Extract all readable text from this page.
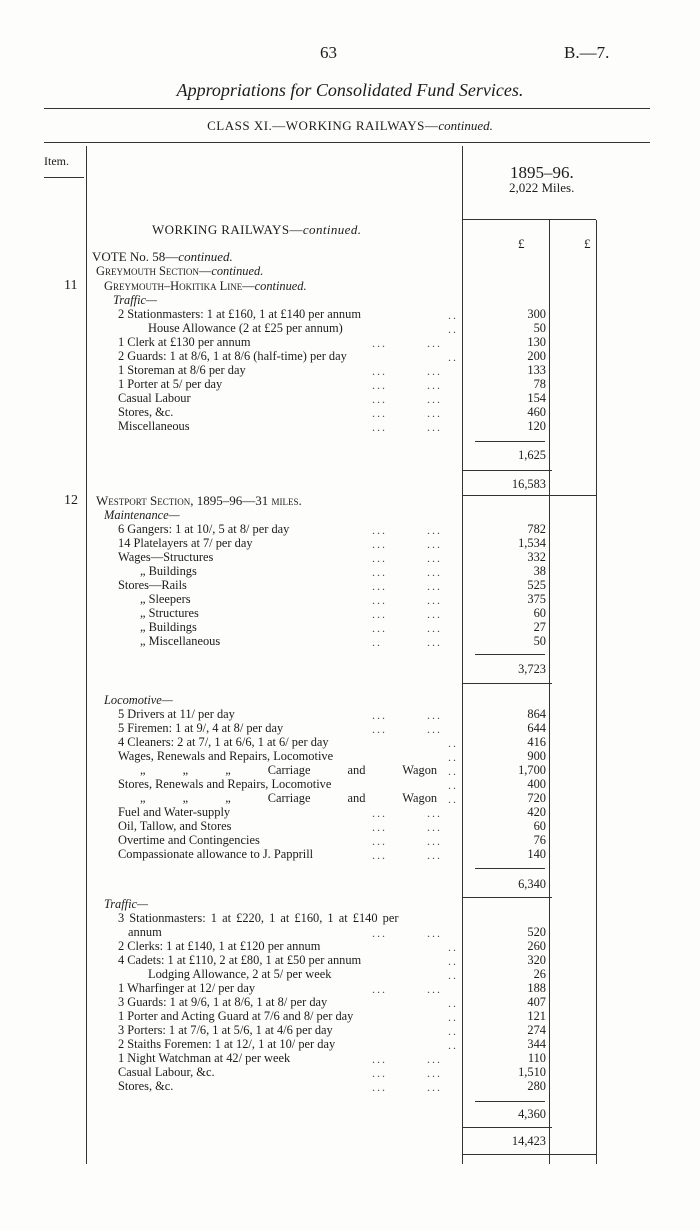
63	B.—7.
Appropriations for Consolidated Fund Services.
CLASS XI.—WORKING RAILWAYS—continued.
Item.
1895–96.
2,022 Miles.
£	£
WORKING RAILWAYS—continued.
VOTE No. 58—continued.
Greymouth Section—continued.
11 Greymouth–Hokitika Line—continued.
Traffic—
2 Stationmasters: 1 at £160, 1 at £140 per annum	300
House Allowance (2 at £25 per annum)	50
1 Clerk at £130 per annum	130
2 Guards: 1 at 8/6, 1 at 8/6 (half-time) per day	200
1 Storeman at 8/6 per day	133
1 Porter at 5/ per day	78
Casual Labour	154
Stores, &c.	460
Miscellaneous	120
1,625
16,583
12 Westport Section, 1895–96—31 miles.
Maintenance—
6 Gangers: 1 at 10/, 5 at 8/ per day	782
14 Platelayers at 7/ per day	1,534
Wages—Structures	332
„ Buildings	38
Stores—Rails	525
„ Sleepers	375
„ Structures	60
„ Buildings	27
„ Miscellaneous	50
3,723
Locomotive—
5 Drivers at 11/ per day	864
5 Firemen: 1 at 9/, 4 at 8/ per day	644
4 Cleaners: 2 at 7/, 1 at 6/6, 1 at 6/ per day	416
Wages, Renewals and Repairs, Locomotive	900
„ „ „ Carriage and Wagon	1,700
Stores, Renewals and Repairs, Locomotive	400
„ „ „ Carriage and Wagon	720
Fuel and Water-supply	420
Oil, Tallow, and Stores	60
Overtime and Contingencies	76
Compassionate allowance to J. Papprill	140
6,340
Traffic—
3 Stationmasters: 1 at £220, 1 at £160, 1 at £140 per
annum	520
2 Clerks: 1 at £140, 1 at £120 per annum	260
4 Cadets: 1 at £110, 2 at £80, 1 at £50 per annum	320
Lodging Allowance, 2 at 5/ per week	26
1 Wharfinger at 12/ per day	188
3 Guards: 1 at 9/6, 1 at 8/6, 1 at 8/ per day	407
1 Porter and Acting Guard at 7/6 and 8/ per day	121
3 Porters: 1 at 7/6, 1 at 5/6, 1 at 4/6 per day	274
2 Staiths Foremen: 1 at 12/, 1 at 10/ per day	344
1 Night Watchman at 42/ per week	110
Casual Labour, &c.	1,510
Stores, &c.	280
4,360
14,423
..
..
...        ...
..
...        ...
...        ...
...        ...
...        ...
...        ...
...        ...
...        ...
...        ...
...        ...
...        ...
...        ...
...        ...
...        ...
..         ...
...        ...
...        ...
..
..
..
..
..
...        ...
...        ...
...        ...
...        ...
...        ...
..
..
..
...        ...
..
..
..
..
...        ...
...        ...
...        ...
